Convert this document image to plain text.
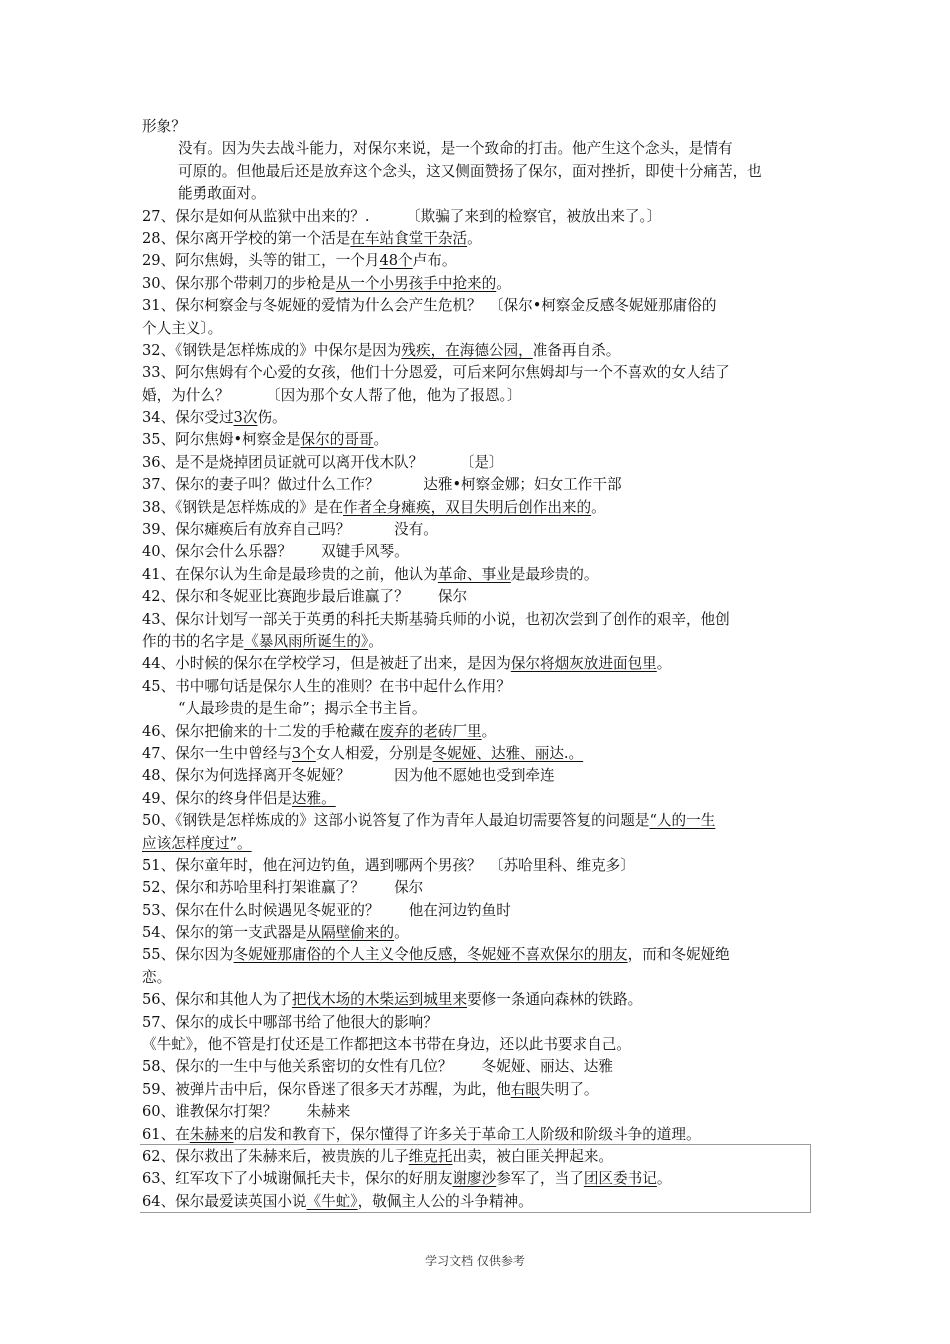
形象？
没有。因为失去战斗能力，对保尔来说，是一个致命的打击。他产生这个念头，是情有
可原的。但他最后还是放弃这个念头，这又侧面赞扬了保尔，面对挫折，即使十分痛苦，也
能勇敢面对。
27、保尔是如何从监狱中出来的？.　　　〔欺骗了来到的检察官，被放出来了。〕
28、保尔离开学校的第一个活是在车站食堂干杂活。
29、阿尔焦姆，头等的钳工，一个月48个卢布。
30、保尔那个带刺刀的步枪是从一个小男孩手中抢来的。
31、保尔柯察金与冬妮娅的爱情为什么会产生危机？　〔保尔•柯察金反感冬妮娅那庸俗的
个人主义〕。
32、《钢铁是怎样炼成的》中保尔是因为残疾，在海德公园，准备再自杀。
33、阿尔焦姆有个心爱的女孩，他们十分恩爱，可后来阿尔焦姆却与一个不喜欢的女人结了
婚，为什么？　　　〔因为那个女人帮了他，他为了报恩。〕
34、保尔受过3次伤。
35、阿尔焦姆•柯察金是保尔的哥哥。
36、是不是烧掉团员证就可以离开伐木队？　　　〔是〕
37、保尔的妻子叫？做过什么工作？　　　达雅•柯察金娜；妇女工作干部
38、《钢铁是怎样炼成的》是在作者全身瘫痪，双目失明后创作出来的。
39、保尔瘫痪后有放弃自己吗？　　　没有。
40、保尔会什么乐器？　　双键手风琴。
41、在保尔认为生命是最珍贵的之前，他认为革命、事业是最珍贵的。
42、保尔和冬妮亚比赛跑步最后谁赢了？　　保尔
43、保尔计划写一部关于英勇的科托夫斯基骑兵师的小说，也初次尝到了创作的艰辛，他创
作的书的名字是《暴风雨所诞生的》。
44、小时候的保尔在学校学习，但是被赶了出来，是因为保尔将烟灰放进面包里。
45、书中哪句话是保尔人生的准则？在书中起什么作用？
“人最珍贵的是生命”；揭示全书主旨。
46、保尔把偷来的十二发的手枪藏在废弃的老砖厂里。
47、保尔一生中曾经与3个女人相爱，分别是冬妮娅、达雅、丽达.。
48、保尔为何选择离开冬妮娅？　　　因为他不愿她也受到牵连
49、保尔的终身伴侣是达雅。
50、《钢铁是怎样炼成的》这部小说答复了作为青年人最迫切需要答复的问题是“人的一生
应该怎样度过”。
51、保尔童年时，他在河边钓鱼，遇到哪两个男孩？　〔苏哈里科、维克多〕
52、保尔和苏哈里科打架谁赢了？　　保尔
53、保尔在什么时候遇见冬妮亚的？　　他在河边钓鱼时
54、保尔的第一支武器是从隔壁偷来的。
55、保尔因为冬妮娅那庸俗的个人主义令他反感，冬妮娅不喜欢保尔的朋友，而和冬妮娅绝
恋。
56、保尔和其他人为了把伐木场的木柴运到城里来要修一条通向森林的铁路。
57、保尔的成长中哪部书给了他很大的影响？
《牛虻》，他不管是打仗还是工作都把这本书带在身边，还以此书要求自己。
58、保尔的一生中与他关系密切的女性有几位？　　冬妮娅、丽达、达雅
59、被弹片击中后，保尔昏迷了很多天才苏醒，为此，他右眼失明了。
60、谁教保尔打架？　　朱赫来
61、在朱赫来的启发和教育下，保尔懂得了许多关于革命工人阶级和阶级斗争的道理。
62、保尔救出了朱赫来后，被贵族的儿子维克托出卖，被白匪关押起来。
63、红军攻下了小城谢佩托夫卡，保尔的好朋友谢廖沙参军了，当了团区委书记。
64、保尔最爱读英国小说《牛虻》，敬佩主人公的斗争精神。
学习文档 仅供参考
